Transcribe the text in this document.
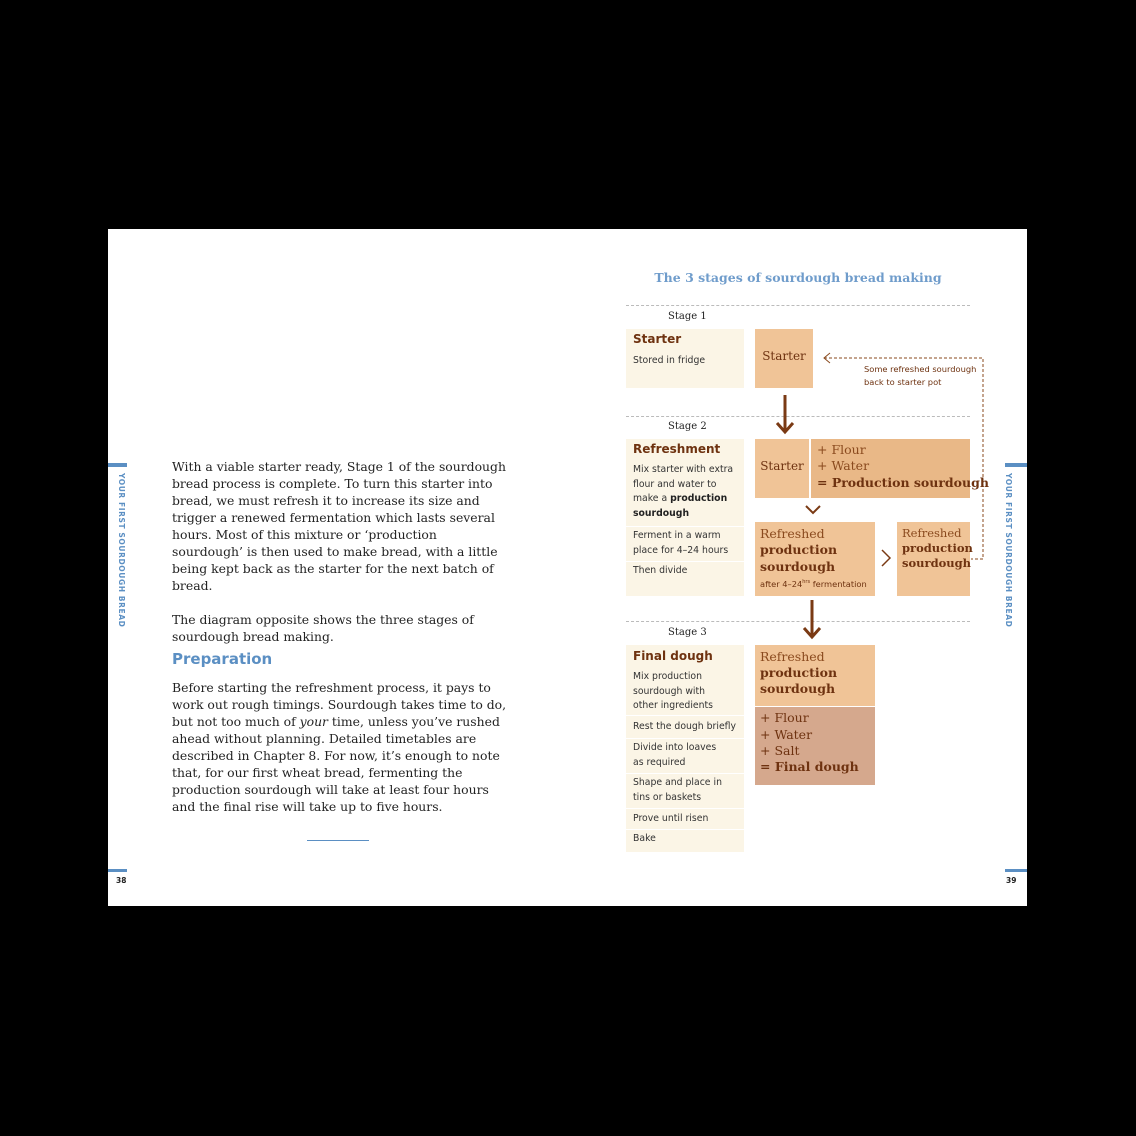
YOUR FIRST SOURDOUGH BREAD

With a viable starter ready, Stage 1 of the sourdough bread process is complete. To turn this starter into bread, we must refresh it to increase its size and trigger a renewed fermentation which lasts several hours. Most of this mixture or ‘production sourdough’ is then used to make bread, with a little being kept back as the starter for the next batch of bread.

The diagram opposite shows the three stages of sourdough bread making.

Preparation

Before starting the refreshment process, it pays to work out rough timings. Sourdough takes time to do, but not too much of your time, unless you’ve rushed ahead without planning. Detailed timetables are described in Chapter 8. For now, it’s enough to note that, for our first wheat bread, fermenting the production sourdough will take at least four hours and the final rise will take up to five hours.

38
YOUR FIRST SOURDOUGH BREAD
39
The 3 stages of sourdough bread making
Stage 1
Starter
Stored in fridge	Starter
Some refreshed sourdough
back to starter pot
Stage 2
Refreshment
Mix starter with extra
flour and water to
make a production
sourdough
Ferment in a warm
place for 4–24 hours
Then divide
Starter
+ Flour
+ Water
= Production sourdough
Refreshed
production
sourdough
after $4-24^{hrs}$ fermentation
Refreshed
production
sourdough
Stage 3
Final dough
Mix production
sourdough with
other ingredients
Rest the dough briefly
Divide into loaves
as required
Shape and place in
tins or baskets
Prove until risen
Bake
Refreshed
production
sourdough
+ Flour
+ Water
+ Salt
= Final dough
